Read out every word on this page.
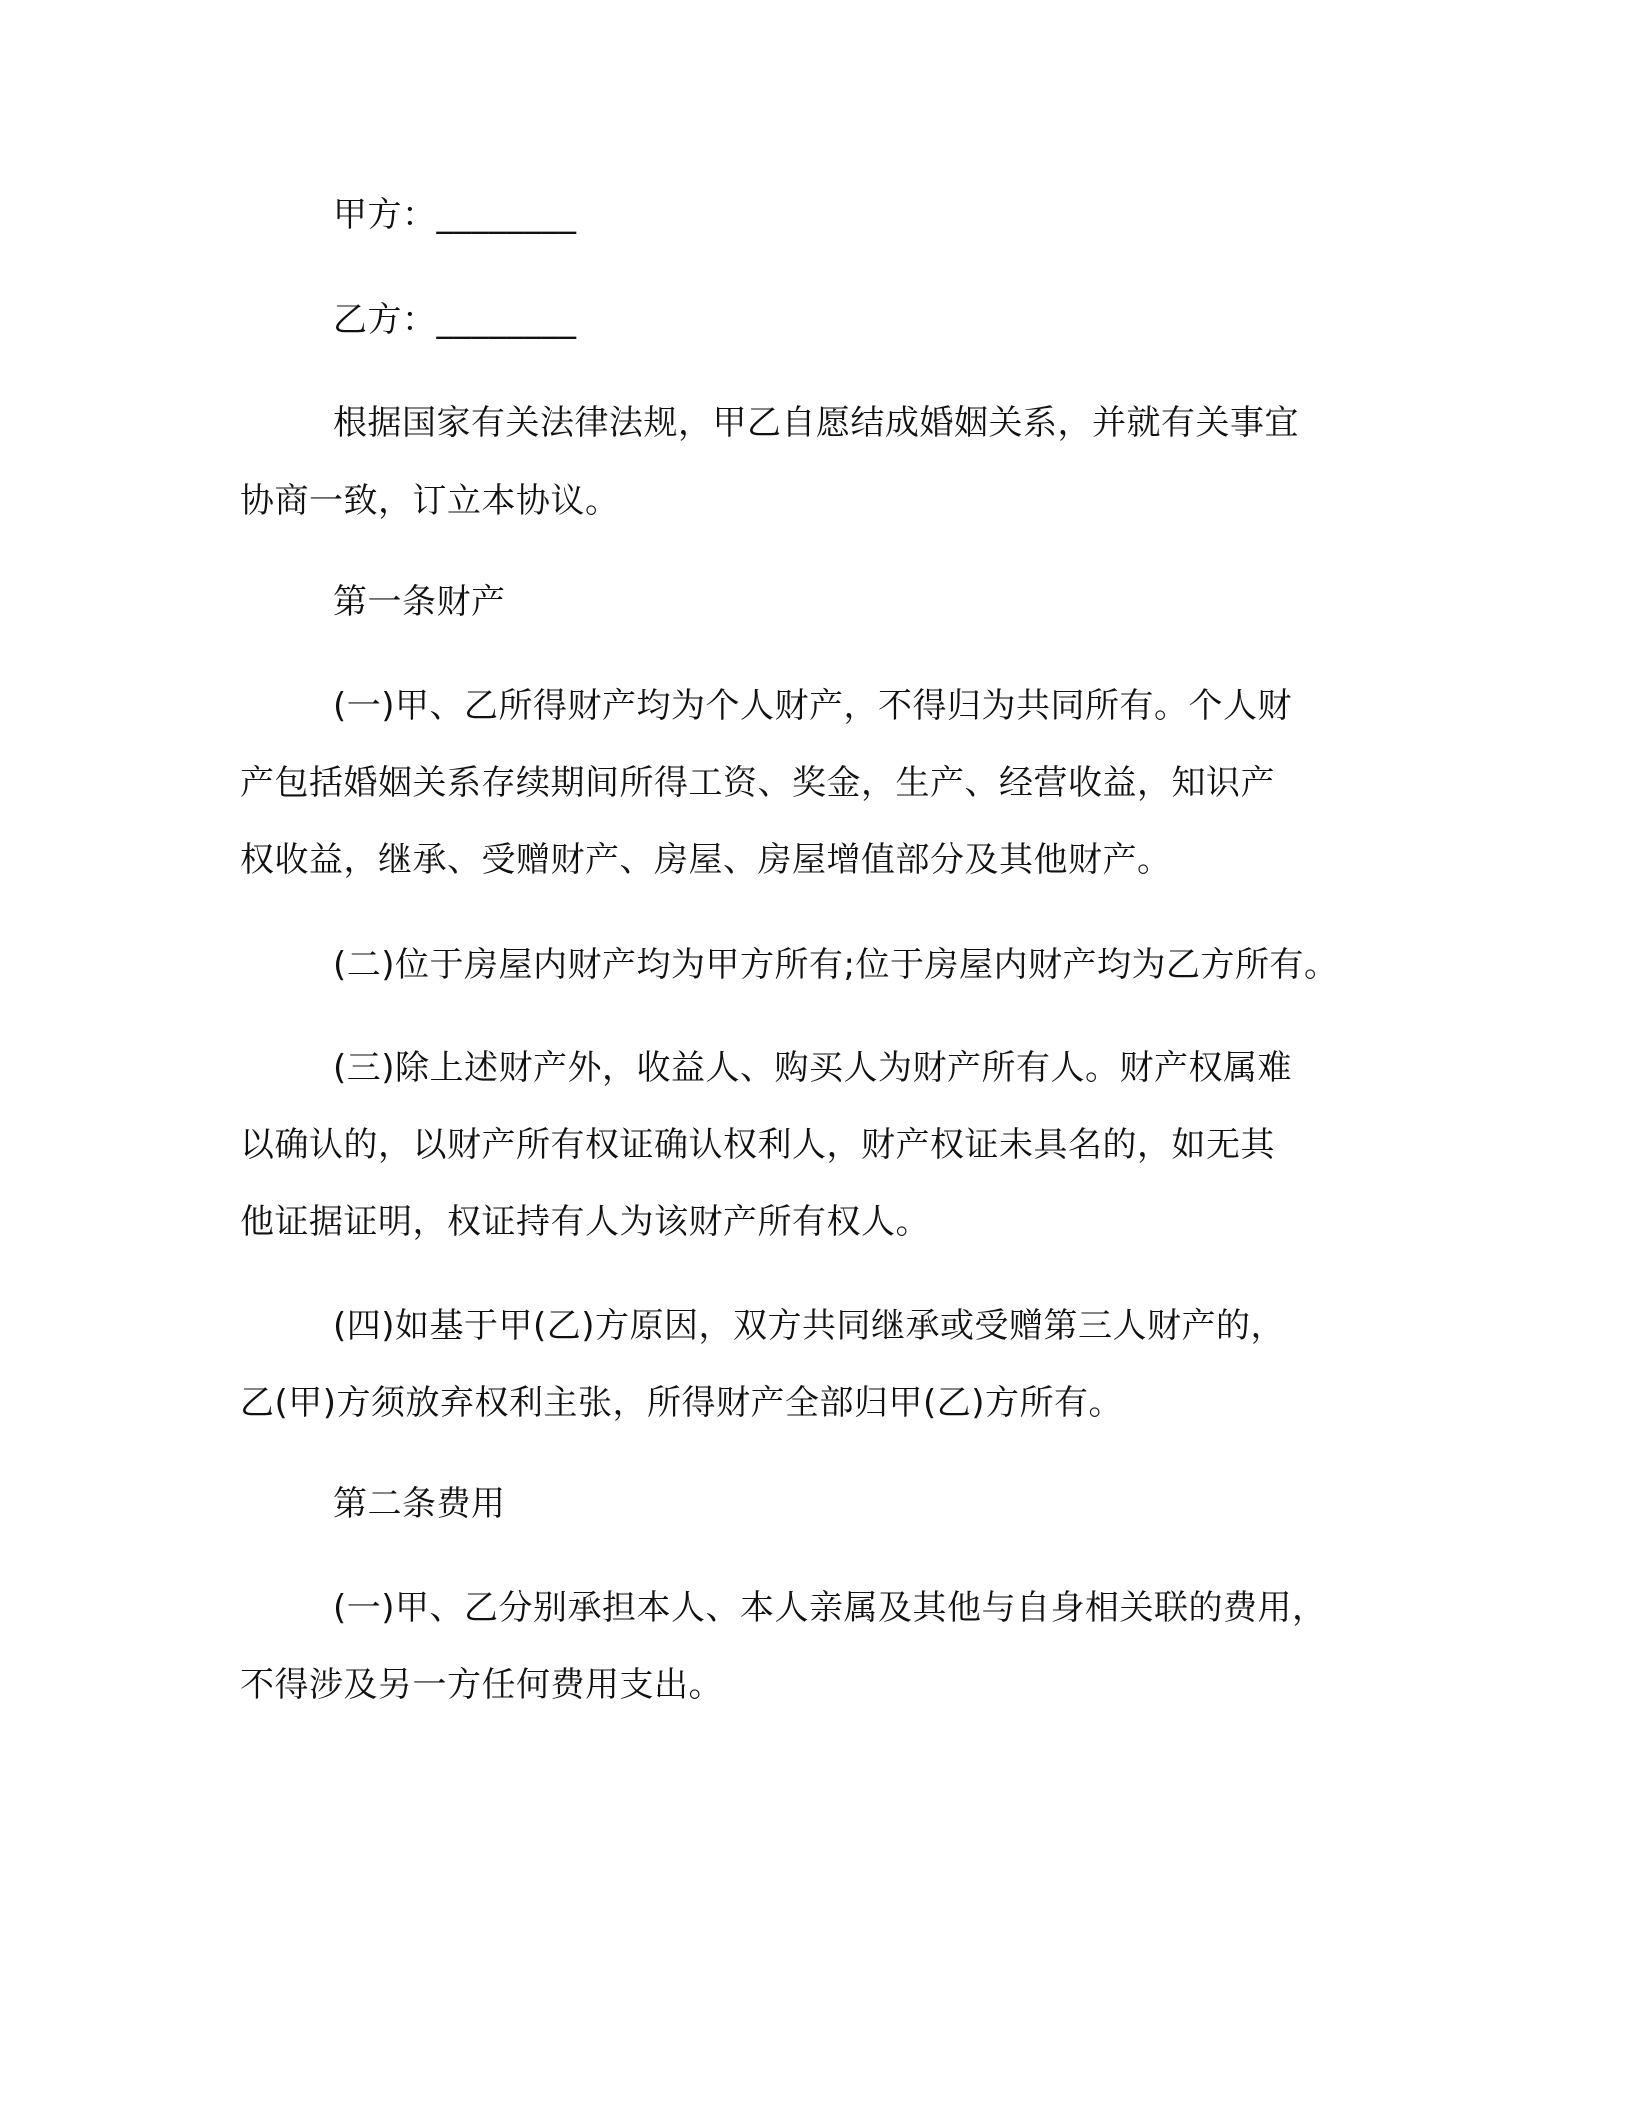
甲方：________
乙方：________
根据国家有关法律法规，甲乙自愿结成婚姻关系，并就有关事宜
协商一致，订立本协议。
第一条财产
(一)甲、乙所得财产均为个人财产，不得归为共同所有。个人财
产包括婚姻关系存续期间所得工资、奖金，生产、经营收益，知识产
权收益，继承、受赠财产、房屋、房屋增值部分及其他财产。
(二)位于房屋内财产均为甲方所有;位于房屋内财产均为乙方所有。
(三)除上述财产外，收益人、购买人为财产所有人。财产权属难
以确认的，以财产所有权证确认权利人，财产权证未具名的，如无其
他证据证明，权证持有人为该财产所有权人。
(四)如基于甲(乙)方原因，双方共同继承或受赠第三人财产的，
乙(甲)方须放弃权利主张，所得财产全部归甲(乙)方所有。
第二条费用
(一)甲、乙分别承担本人、本人亲属及其他与自身相关联的费用，
不得涉及另一方任何费用支出。
